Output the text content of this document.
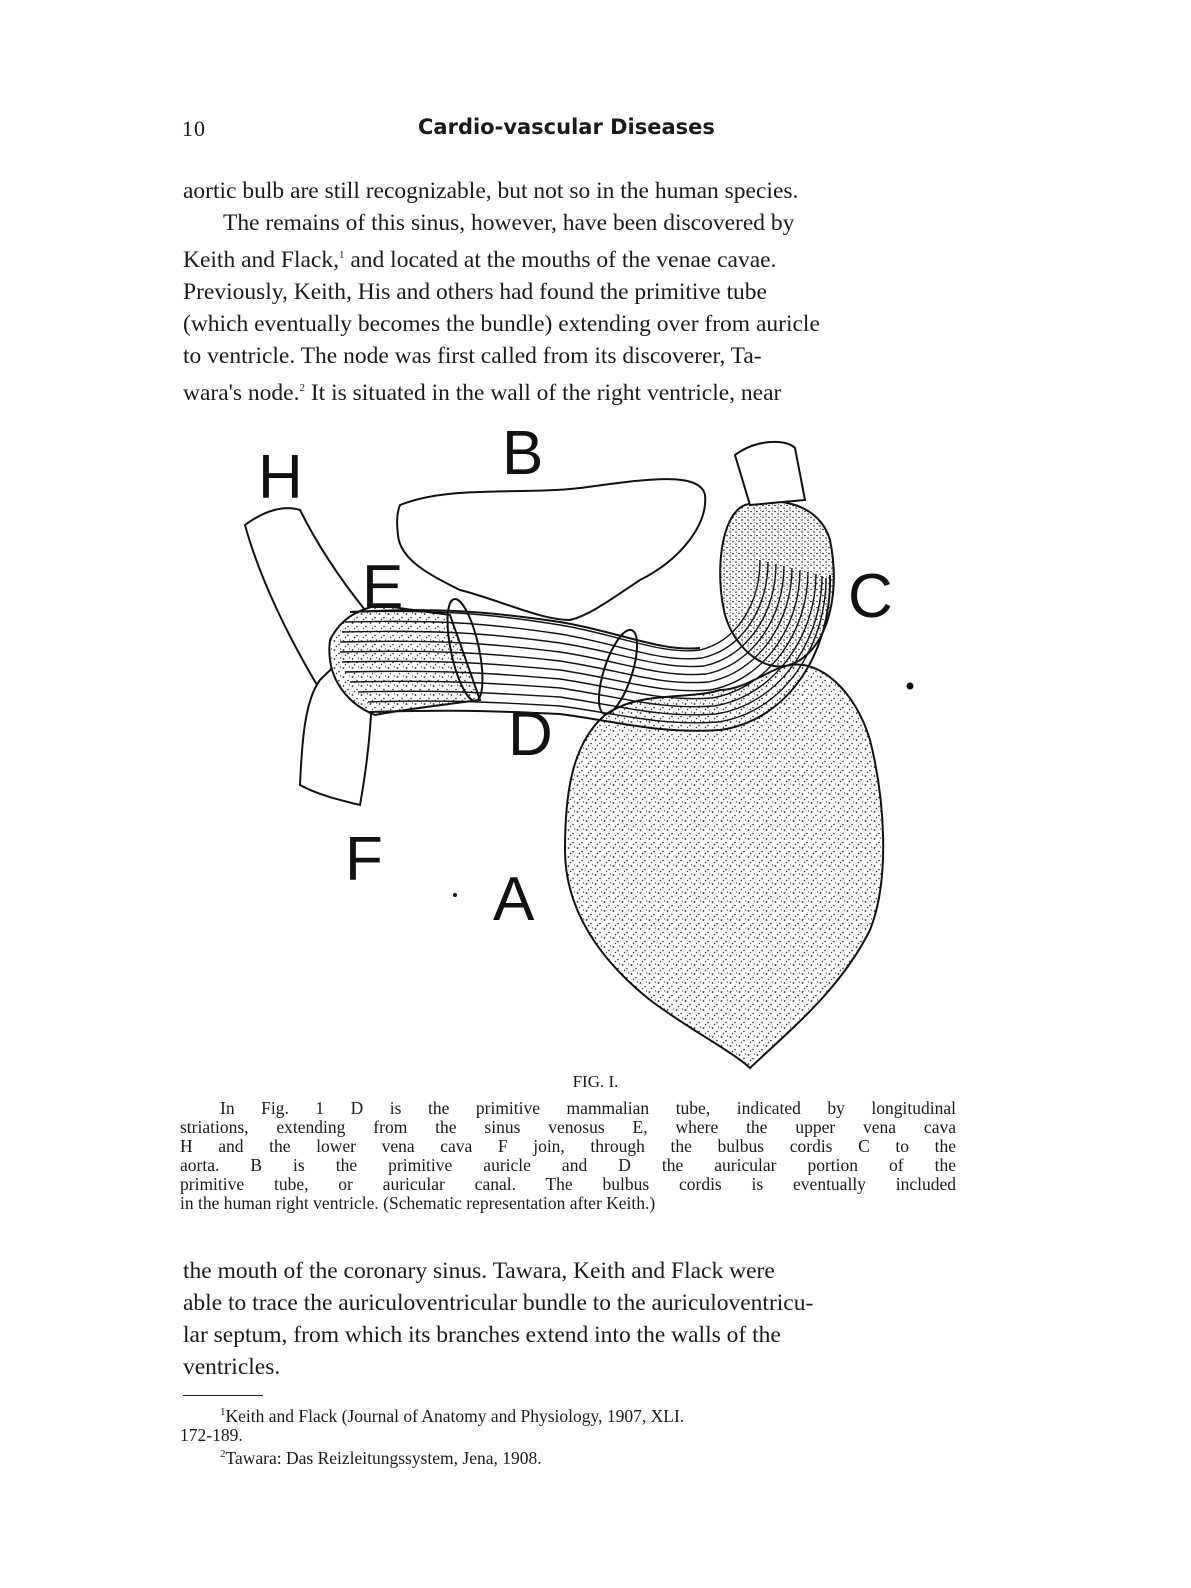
10	Cardio-vascular Diseases

aortic bulb are still recognizable, but not so in the human species.

The remains of this sinus, however, have been discovered by

Keith and Flack,$^1$ and located at the mouths of the venae cavae.

Previously, Keith, His and others had found the primitive tube

(which eventually becomes the bundle) extending over from auricle

to ventricle. The node was first called from its discoverer, Ta-

wara's node.$^2$ It is situated in the wall of the right ventricle, near

H	B
E	C
D
F
A
FIG. I.
In Fig. 1 D is the primitive mammalian tube, indicated by longitudinal
striations, extending from the sinus venosus E, where the upper vena cava
H and the lower vena cava F join, through the bulbus cordis C to the
aorta. B is the primitive auricle and D the auricular portion of the
primitive tube, or auricular canal. The bulbus cordis is eventually included
in the human right ventricle. (Schematic representation after Keith.)

the mouth of the coronary sinus. Tawara, Keith and Flack were

able to trace the auriculoventricular bundle to the auriculoventricu-

lar septum, from which its branches extend into the walls of the

ventricles.

$^1$Keith and Flack (Journal of Anatomy and Physiology, 1907, XLI.
172-189.
$^2$Tawara: Das Reizleitungssystem, Jena, 1908.
